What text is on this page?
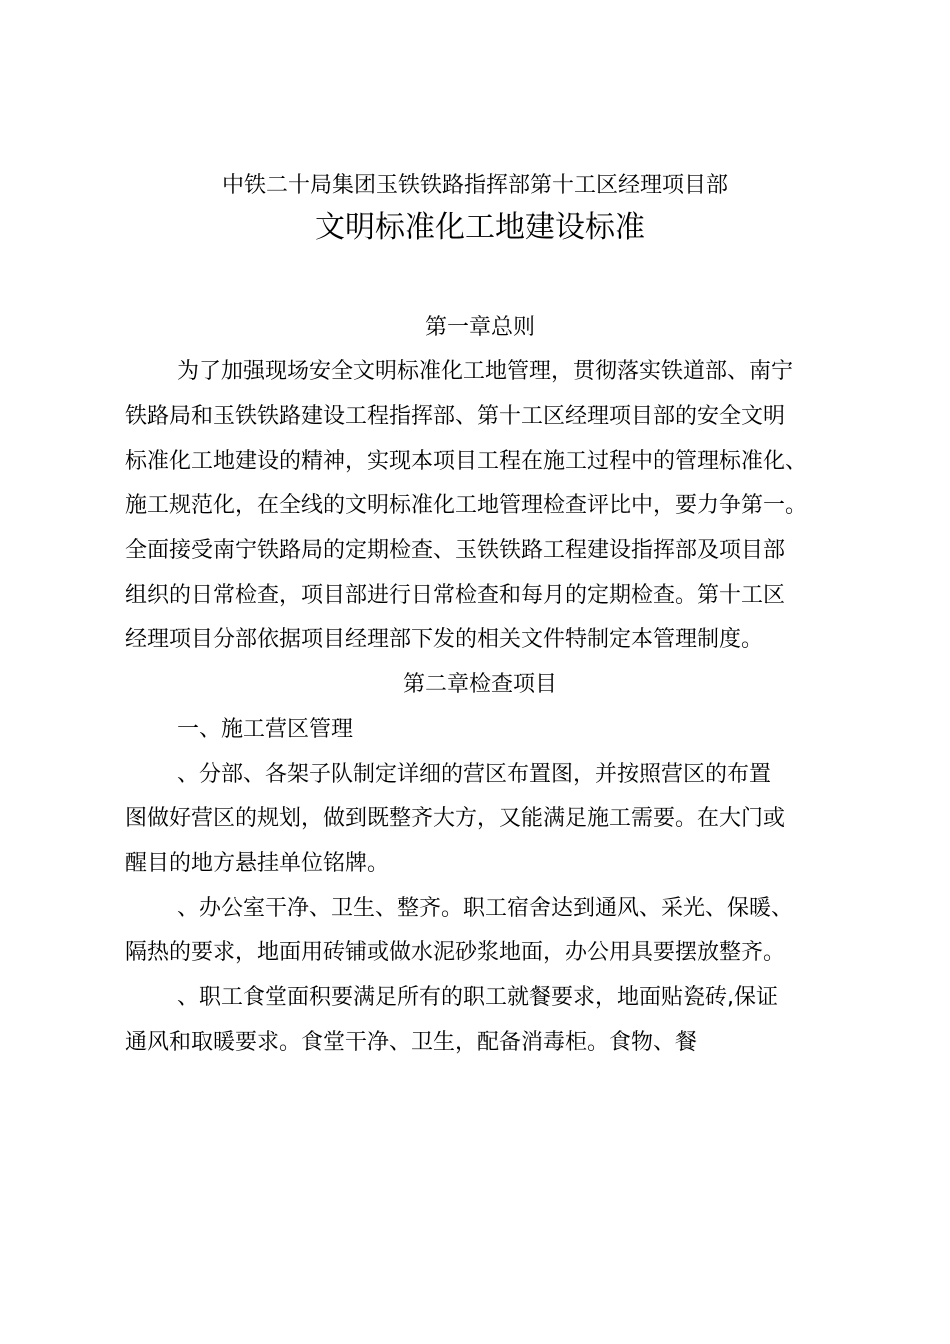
中铁二十局集团玉铁铁路指挥部第十工区经理项目部
文明标准化工地建设标准
第一章总则
为了加强现场安全文明标准化工地管理，贯彻落实铁道部、南宁
铁路局和玉铁铁路建设工程指挥部、第十工区经理项目部的安全文明
标准化工地建设的精神，实现本项目工程在施工过程中的管理标准化、
施工规范化，在全线的文明标准化工地管理检查评比中，要力争第一。
全面接受南宁铁路局的定期检查、玉铁铁路工程建设指挥部及项目部
组织的日常检查，项目部进行日常检查和每月的定期检查。第十工区
经理项目分部依据项目经理部下发的相关文件特制定本管理制度。
第二章检查项目
一、施工营区管理
、分部、各架子队制定详细的营区布置图，并按照营区的布置
图做好营区的规划，做到既整齐大方，又能满足施工需要。在大门或
醒目的地方悬挂单位铭牌。
、办公室干净、卫生、整齐。职工宿舍达到通风、采光、保暖、
隔热的要求，地面用砖铺或做水泥砂浆地面，办公用具要摆放整齐。
、职工食堂面积要满足所有的职工就餐要求，地面贴瓷砖,保证
通风和取暖要求。食堂干净、卫生，配备消毒柜。食物、餐
